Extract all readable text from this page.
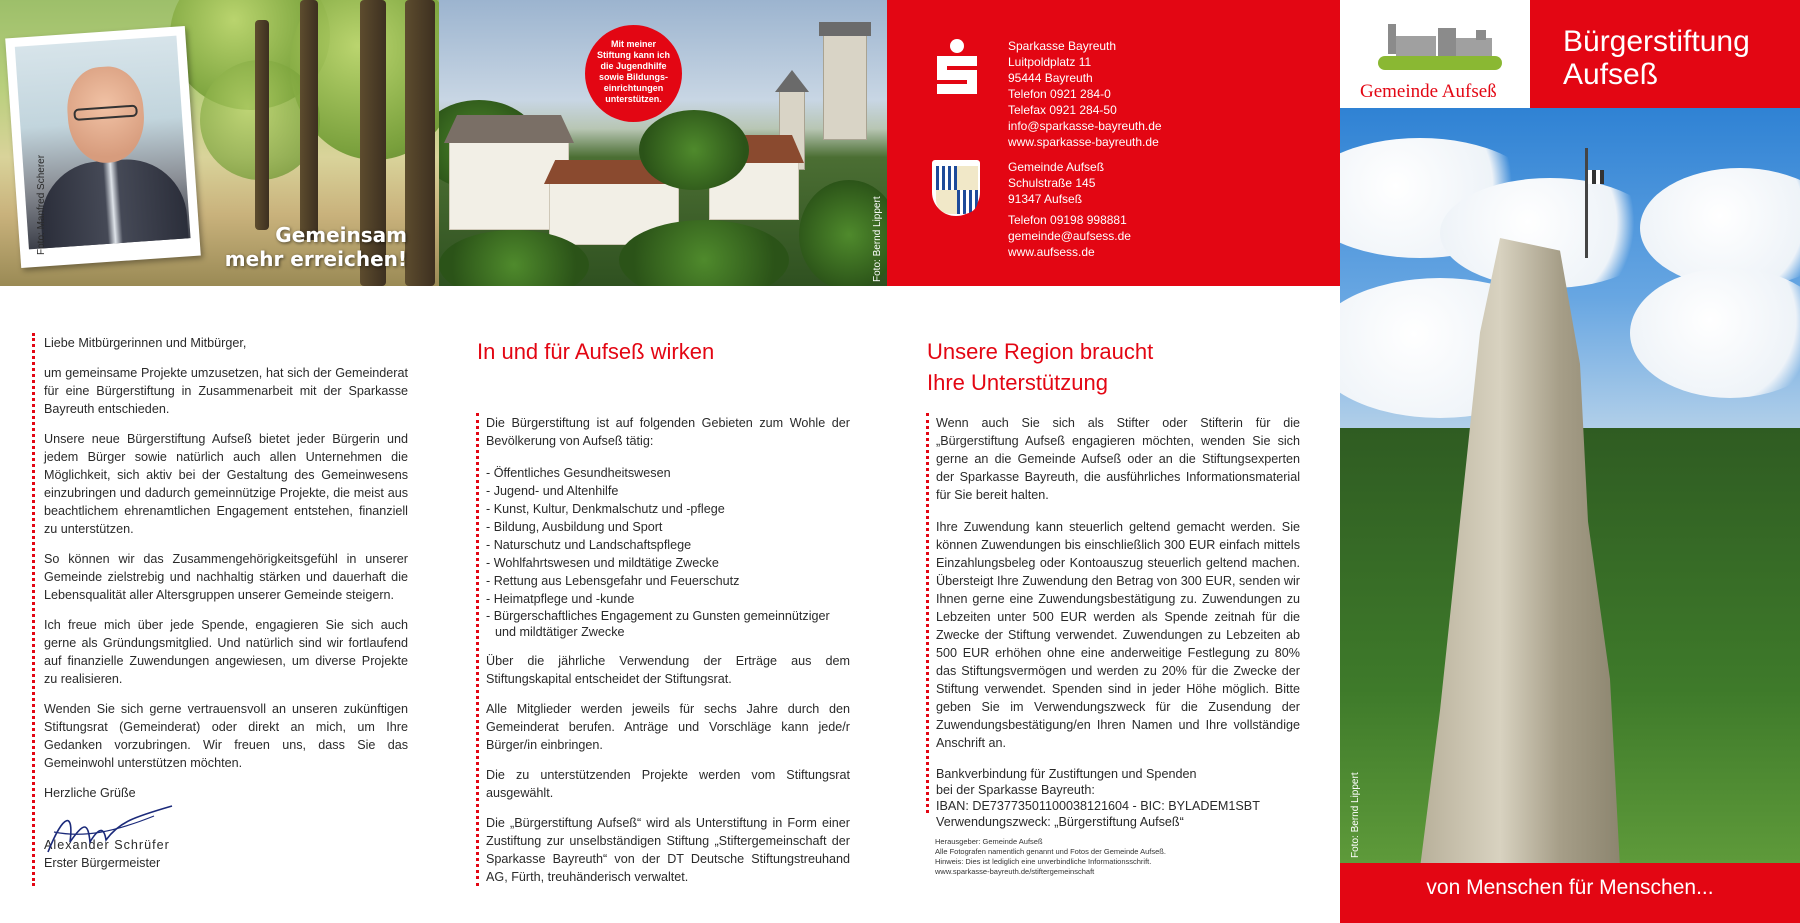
Gemeinsam
mehr erreichen!
Foto: Manfred Scherer
Mit meiner Stiftung kann ich die Jugendhilfe sowie Bildungs-einrichtungen unterstützen.
Foto: Bernd Lippert
Sparkasse Bayreuth
Luitpoldplatz 11
95444 Bayreuth
Telefon 0921 284-0
Telefax 0921 284-50
info@sparkasse-bayreuth.de
www.sparkasse-bayreuth.de
Gemeinde Aufseß
Schulstraße 145
91347 Aufseß
Telefon 09198 998881
gemeinde@aufsess.de
www.aufsess.de
Gemeinde Aufseß
Bürgerstiftung
Aufseß
Foto: Bernd Lippert
von Menschen für Menschen...

Liebe Mitbürgerinnen und Mitbürger,

um gemeinsame Projekte umzusetzen, hat sich der Gemeinderat für eine Bürgerstiftung in Zusammenarbeit mit der Sparkasse Bayreuth entschieden.

Unsere neue Bürgerstiftung Aufseß bietet jeder Bürgerin und jedem Bürger sowie natürlich auch allen Unternehmen die Möglichkeit, sich aktiv bei der Gestaltung des Gemeinwesens einzubringen und dadurch gemeinnützige Projekte, die meist aus beachtlichem ehrenamtlichen Engagement entstehen, finanziell zu unterstützen.

So können wir das Zusammengehörigkeitsgefühl in unserer Gemeinde zielstrebig und nachhaltig stärken und dauerhaft die Lebensqualität aller Altersgruppen unserer Gemeinde steigern.

Ich freue mich über jede Spende, engagieren Sie sich auch gerne als Gründungsmitglied. Und natürlich sind wir fortlaufend auf finanzielle Zuwendungen angewiesen, um diverse Projekte zu realisieren.

Wenden Sie sich gerne vertrauensvoll an unseren zukünftigen Stiftungsrat (Gemeinderat) oder direkt an mich, um Ihre Gedanken vorzubringen. Wir freuen uns, dass Sie das Gemeinwohl unterstützen möchten.

Herzliche Grüße
Alexander Schrüfer
Erster Bürgermeister
In und für Aufseß wirken

Die Bürgerstiftung ist auf folgenden Gebieten zum Wohle der Bevölkerung von Aufseß tätig:

- Öffentliches Gesundheitswesen
- Jugend- und Altenhilfe
- Kunst, Kultur, Denkmalschutz und -pflege
- Bildung, Ausbildung und Sport
- Naturschutz und Landschaftspflege
- Wohlfahrtswesen und mildtätige Zwecke
- Rettung aus Lebensgefahr und Feuerschutz
- Heimatpflege und -kunde
- Bürgerschaftliches Engagement zu Gunsten gemeinnütziger und mildtätiger Zwecke

Über die jährliche Verwendung der Erträge aus dem Stiftungskapital entscheidet der Stiftungsrat.

Alle Mitglieder werden jeweils für sechs Jahre durch den Gemeinderat berufen. Anträge und Vorschläge kann jede/r Bürger/in einbringen.

Die zu unterstützenden Projekte werden vom Stiftungsrat ausgewählt.

Die „Bürgerstiftung Aufseß“ wird als Unterstiftung in Form einer Zustiftung zur unselbständigen Stiftung „Stiftergemeinschaft der Sparkasse Bayreuth“ von der DT Deutsche Stiftungstreuhand AG, Fürth, treuhänderisch verwaltet.

Unsere Region braucht
Ihre Unterstützung

Wenn auch Sie sich als Stifter oder Stifterin für die „Bürgerstiftung Aufseß engagieren möchten, wenden Sie sich gerne an die Gemeinde Aufseß oder an die Stiftungsexperten der Sparkasse Bayreuth, die ausführliches Informationsmaterial für Sie bereit halten.

Ihre Zuwendung kann steuerlich geltend gemacht werden. Sie können Zuwendungen bis einschließlich 300 EUR einfach mittels Einzahlungsbeleg oder Kontoauszug steuerlich geltend machen. Übersteigt Ihre Zuwendung den Betrag von 300 EUR, senden wir Ihnen gerne eine Zuwendungsbestätigung zu. Zuwendungen zu Lebzeiten unter 500 EUR werden als Spende zeitnah für die Zwecke der Stiftung verwendet. Zuwendungen zu Lebzeiten ab 500 EUR erhöhen ohne eine anderweitige Festlegung zu 80% das Stiftungsvermögen und werden zu 20% für die Zwecke der Stiftung verwendet. Spenden sind in jeder Höhe möglich. Bitte geben Sie im Verwendungszweck für die Zusendung der Zuwendungsbestätigung/en Ihren Namen und Ihre vollständige Anschrift an.

Bankverbindung für Zustiftungen und Spenden
bei der Sparkasse Bayreuth:
IBAN: DE73773501100038121604 - BIC: BYLADEM1SBT
Verwendungszweck: „Bürgerstiftung Aufseß“
Herausgeber: Gemeinde Aufseß
Alle Fotografen namentlich genannt und Fotos der Gemeinde Aufseß.
Hinweis: Dies ist lediglich eine unverbindliche Informationsschrift.
www.sparkasse-bayreuth.de/stiftergemeinschaft
